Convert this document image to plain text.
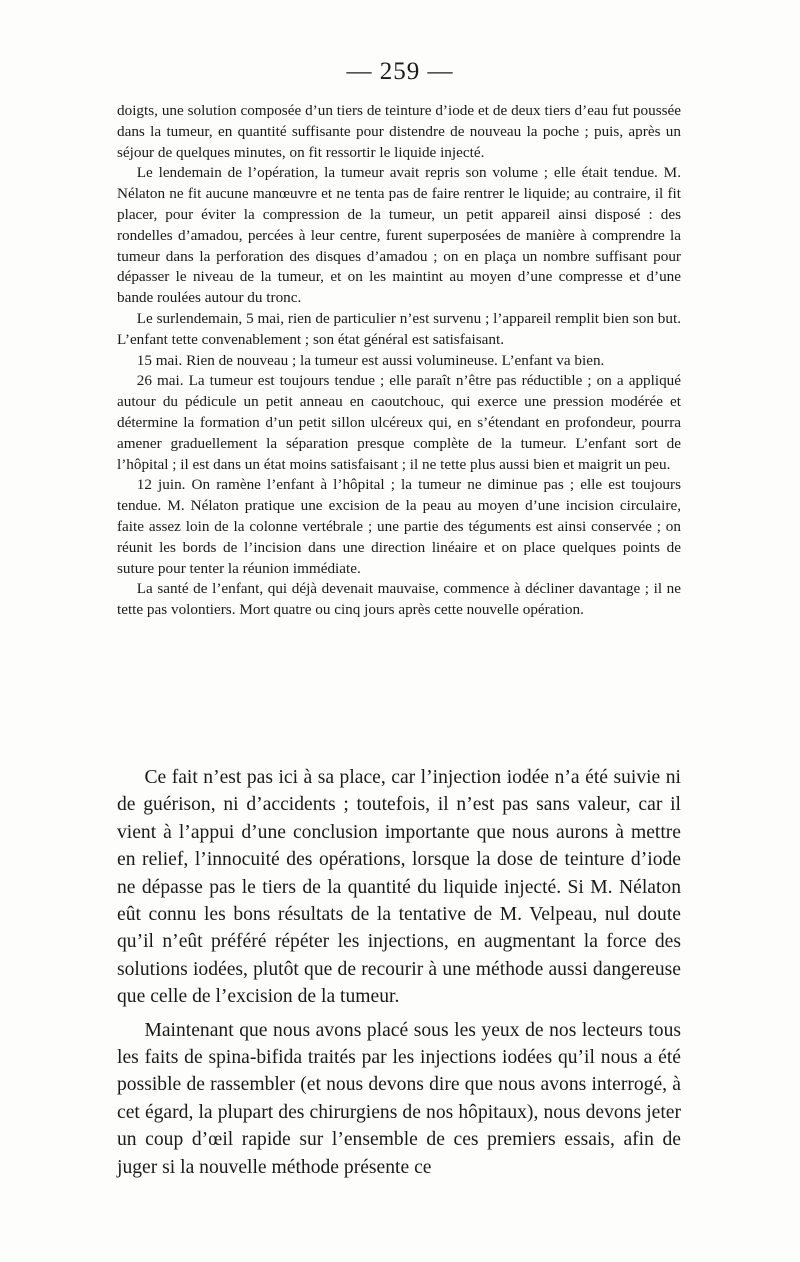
— 259 —

doigts, une solution composée d’un tiers de teinture d’iode et de deux tiers d’eau fut poussée dans la tumeur, en quantité suffisante pour distendre de nouveau la poche ; puis, après un séjour de quelques minutes, on fit ressortir le liquide injecté.

Le lendemain de l’opération, la tumeur avait repris son volume ; elle était tendue. M. Nélaton ne fit aucune manœuvre et ne tenta pas de faire rentrer le liquide; au contraire, il fit placer, pour éviter la compression de la tumeur, un petit appareil ainsi disposé : des rondelles d’amadou, percées à leur centre, furent superposées de manière à comprendre la tumeur dans la perforation des disques d’amadou ; on en plaça un nombre suffisant pour dépasser le niveau de la tumeur, et on les maintint au moyen d’une compresse et d’une bande roulées autour du tronc.

Le surlendemain, 5 mai, rien de particulier n’est survenu ; l’appareil remplit bien son but. L’enfant tette convenablement ; son état général est satisfaisant.

15 mai. Rien de nouveau ; la tumeur est aussi volumineuse. L’enfant va bien.

26 mai. La tumeur est toujours tendue ; elle paraît n’être pas réductible ; on a appliqué autour du pédicule un petit anneau en caoutchouc, qui exerce une pression modérée et détermine la formation d’un petit sillon ulcéreux qui, en s’étendant en profondeur, pourra amener graduellement la séparation presque complète de la tumeur. L’enfant sort de l’hôpital ; il est dans un état moins satisfaisant ; il ne tette plus aussi bien et maigrit un peu.

12 juin. On ramène l’enfant à l’hôpital ; la tumeur ne diminue pas ; elle est toujours tendue. M. Nélaton pratique une excision de la peau au moyen d’une incision circulaire, faite assez loin de la colonne vertébrale ; une partie des téguments est ainsi conservée ; on réunit les bords de l’incision dans une direction linéaire et on place quelques points de suture pour tenter la réunion immédiate.

La santé de l’enfant, qui déjà devenait mauvaise, commence à décliner davantage ; il ne tette pas volontiers. Mort quatre ou cinq jours après cette nouvelle opération.

Ce fait n’est pas ici à sa place, car l’injection iodée n’a été suivie ni de guérison, ni d’accidents ; toutefois, il n’est pas sans valeur, car il vient à l’appui d’une conclusion importante que nous aurons à mettre en relief, l’innocuité des opérations, lorsque la dose de teinture d’iode ne dépasse pas le tiers de la quantité du liquide injecté. Si M. Nélaton eût connu les bons résultats de la tentative de M. Velpeau, nul doute qu’il n’eût préféré répéter les injections, en augmentant la force des solutions iodées, plutôt que de recourir à une méthode aussi dangereuse que celle de l’excision de la tumeur.

Maintenant que nous avons placé sous les yeux de nos lecteurs tous les faits de spina-bifida traités par les injections iodées qu’il nous a été possible de rassembler (et nous devons dire que nous avons interrogé, à cet égard, la plupart des chirurgiens de nos hôpitaux), nous devons jeter un coup d’œil rapide sur l’ensemble de ces premiers essais, afin de juger si la nouvelle méthode présente ce
